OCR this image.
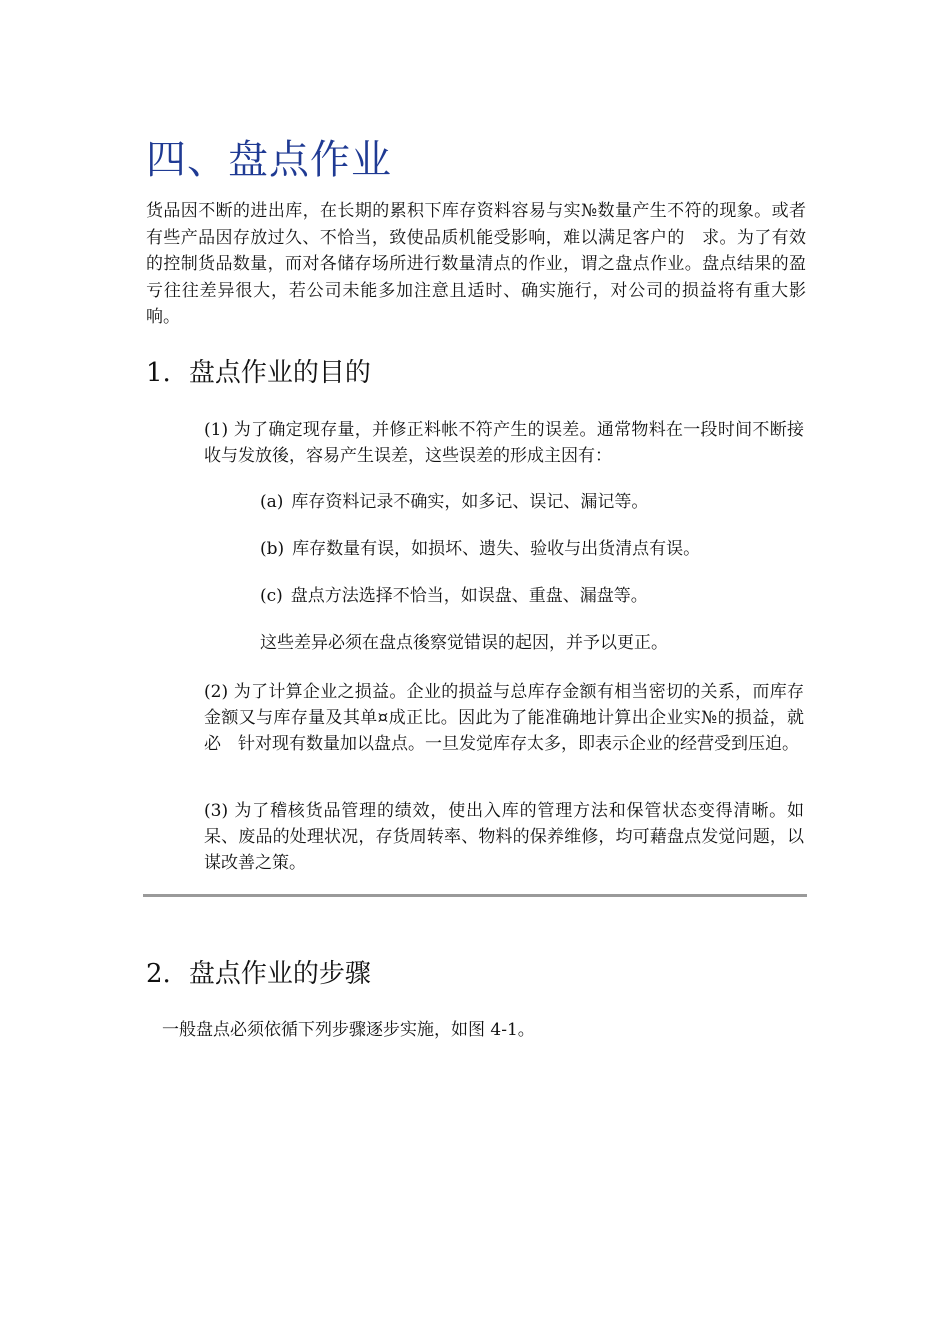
四、盘点作业

货品因不断的进出库，在长期的累积下库存资料容易与实№数量产生不符的现象。或者有些产品因存放过久、不恰当，致使品质机能受影响，难以满足客户的　求。为了有效的控制货品数量，而对各储存场所进行数量清点的作业，谓之盘点作业。盘点结果的盈亏往往差异很大，若公司未能多加注意且适时、确实施行，对公司的损益将有重大影响。

1. 盘点作业的目的

(1) 为了确定现存量，并修正料帐不符产生的误差。通常物料在一段时间不断接收与发放後，容易产生误差，这些误差的形成主因有：

(a) 库存资料记录不确实，如多记、误记、漏记等。

(b) 库存数量有误，如损坏、遗失、验收与出货清点有误。

(c) 盘点方法选择不恰当，如误盘、重盘、漏盘等。

这些差异必须在盘点後察觉错误的起因，并予以更正。

(2) 为了计算企业之损益。企业的损益与总库存金额有相当密切的关系，而库存金额又与库存量及其单¤成正比。因此为了能准确地计算出企业实№的损益，就必　针对现有数量加以盘点。一旦发觉库存太多，即表示企业的经营受到压迫。

(3) 为了稽核货品管理的绩效，使出入库的管理方法和保管状态变得清晰。如呆、废品的处理状况，存货周转率、物料的保养维修，均可藉盘点发觉问题，以谋改善之策。

2. 盘点作业的步骤

一般盘点必须依循下列步骤逐步实施，如图 4-1。
